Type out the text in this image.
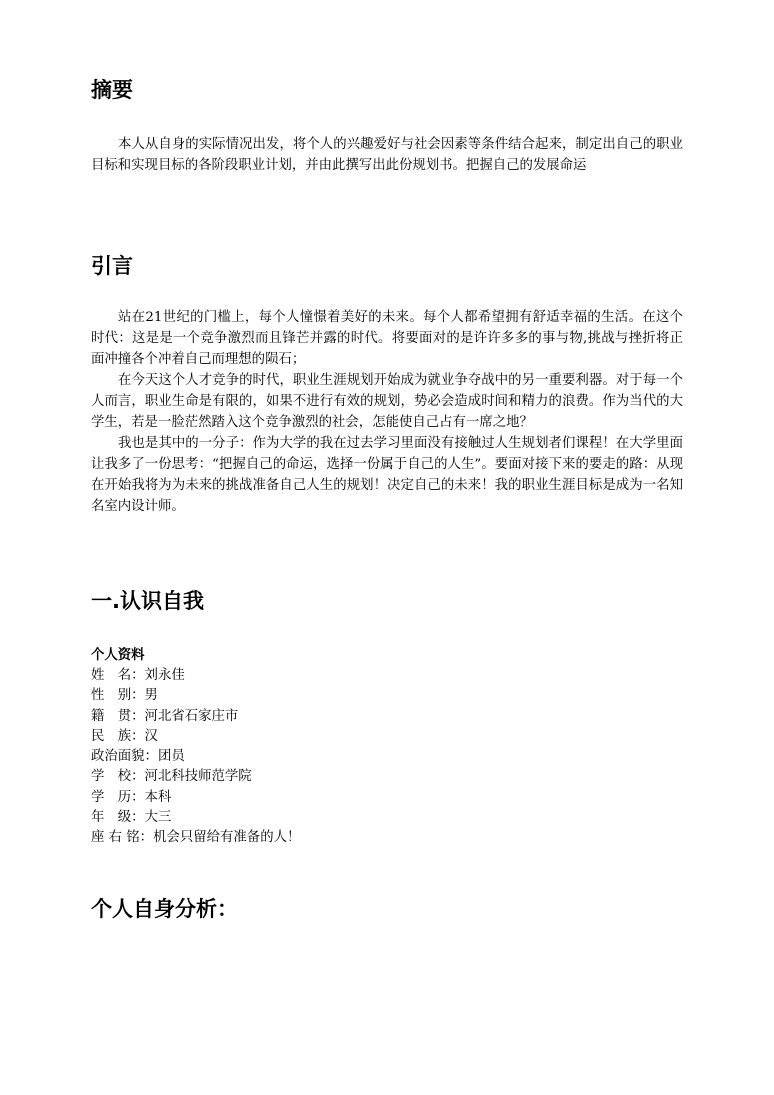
摘要

本人从自身的实际情况出发，将个人的兴趣爱好与社会因素等条件结合起来，制定出自己的职业目标和实现目标的各阶段职业计划，并由此撰写出此份规划书。把握自己的发展命运

引言

站在21世纪的门槛上，每个人憧憬着美好的未来。每个人都希望拥有舒适幸福的生活。在这个时代：这是是一个竞争激烈而且锋芒并露的时代。将要面对的是许许多多的事与物,挑战与挫折将正面冲撞各个冲着自己而理想的陨石；

在今天这个人才竞争的时代，职业生涯规划开始成为就业争夺战中的另一重要利器。对于每一个人而言，职业生命是有限的，如果不进行有效的规划，势必会造成时间和精力的浪费。作为当代的大学生，若是一脸茫然踏入这个竞争激烈的社会，怎能使自己占有一席之地？

我也是其中的一分子：作为大学的我在过去学习里面没有接触过人生规划者们课程！在大学里面让我多了一份思考：“把握自己的命运，选择一份属于自己的人生”。要面对接下来的要走的路：从现在开始我将为为未来的挑战准备自己人生的规划！决定自己的未来！我的职业生涯目标是成为一名知名室内设计师。

一.认识自我
个人资料
姓　名：刘永佳
性　别：男
籍　贯：河北省石家庄市
民　族：汉
政治面貌：团员
学　校：河北科技师范学院
学　历：本科
年　级：大三
座 右 铭：机会只留给有准备的人！
个人自身分析：
